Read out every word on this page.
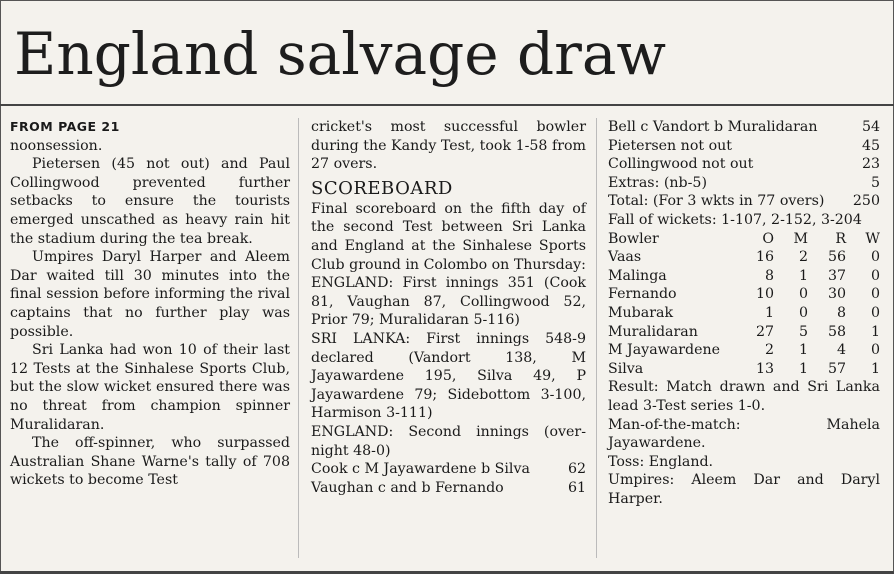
England salvage draw
FROM PAGE 21

noonsession.

Pietersen (45 not out) and Paul Collingwood prevented further setbacks to ensure the tourists emerged unscathed as heavy rain hit the stadium during the tea break.

Umpires Daryl Harper and Aleem Dar waited till 30 minutes into the final session before informing the rival captains that no further play was possible.

Sri Lanka had won 10 of their last 12 Tests at the Sinhalese Sports Club, but the slow wicket ensured there was no threat from champion spinner Muralidaran.

The off-spinner, who surpassed Australian Shane Warne's tally of 708 wickets to become Test

cricket's most successful bowler during the Kandy Test, took 1-58 from 27 overs.

SCOREBOARD

Final scoreboard on the fifth day of the second Test between Sri Lanka and England at the Sinhalese Sports Club ground in Colombo on Thursday:

ENGLAND: First innings 351 (Cook 81, Vaughan 87, Collingwood 52, Prior 79; Muralidaran 5-116)

SRI LANKA: First innings 548-9 declared (Vandort 138, M Jayawardene 195, Silva 49, P Jayawardene 79; Sidebottom 3-100, Harmison 3-111)

ENGLAND: Second innings (over-night 48-0)

Cook c M Jayawardene b Silva	62
Vaughan c and b Fernando	61
Bell c Vandort b Muralidaran	54
Pietersen not out	45
Collingwood not out	23
Extras: (nb-5)	5
Total: (For 3 wkts in 77 overs) 250
Fall of wickets: 1-107, 2-152, 3-204
Bowler	O	M	R	W
Vaas	16	2	56	0
Malinga	8	1	37	0
Fernando	10	0	30	0
Mubarak	1	0	8	0
Muralidaran	27	5	58	1
M Jayawardene	2	1	4	0
Silva	13	1	57	1

Result: Match drawn and Sri Lanka lead 3-Test series 1-0.

Man-of-the-match: Mahela Jayawardene.

Toss: England.

Umpires: Aleem Dar and Daryl Harper.
